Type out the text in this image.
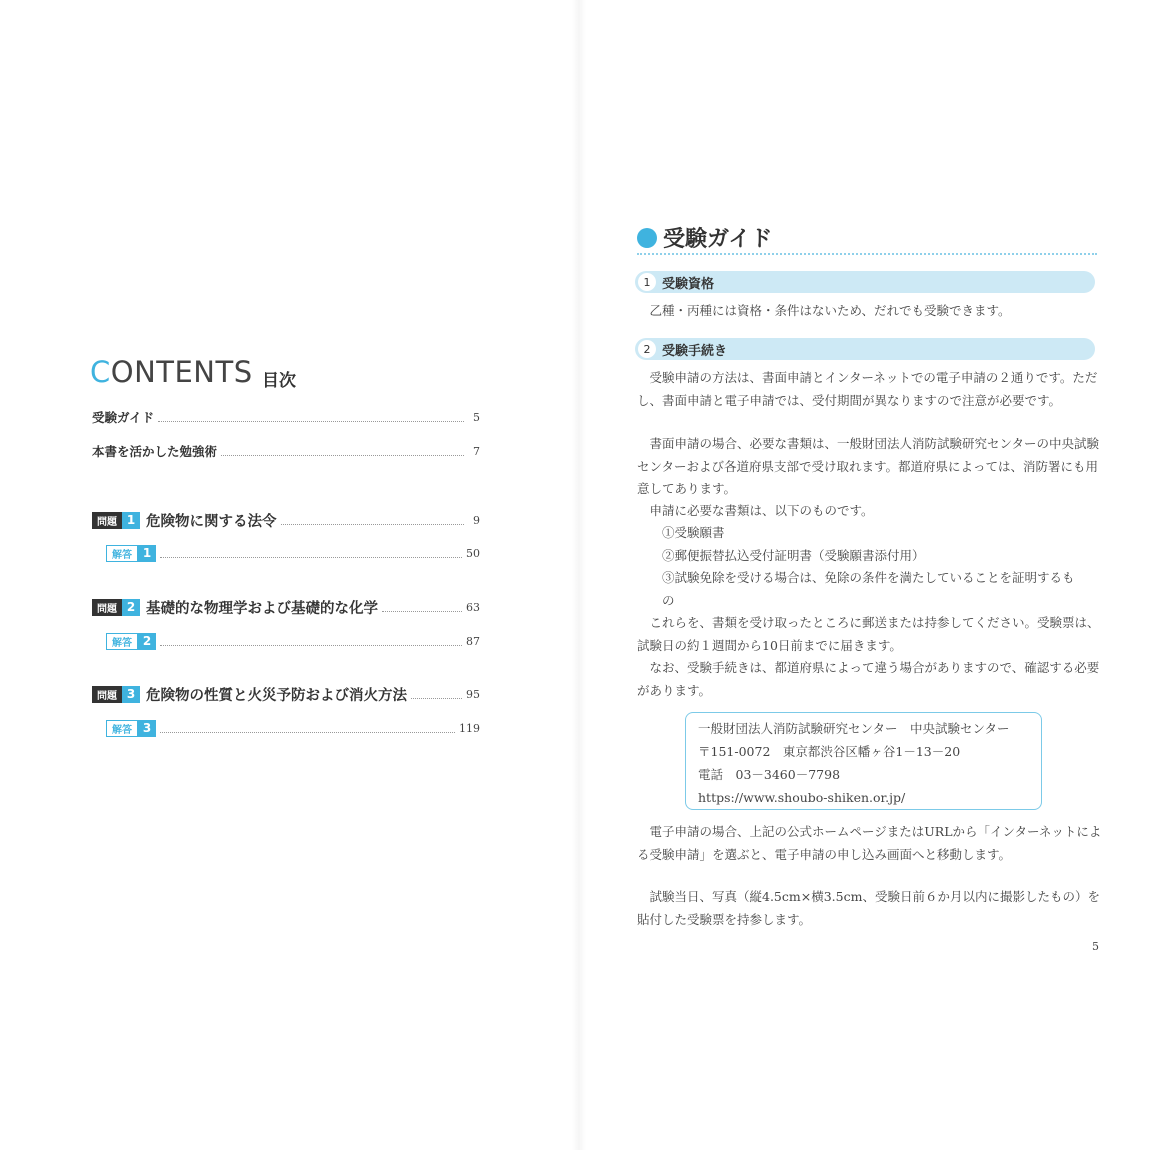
CONTENTS 目次
受験ガイド	5
本書を活かした勉強術	7
問題 1 危険物に関する法令	9
解答 1	50
問題 2 基礎的な物理学および基礎的な化学	63
解答 2	87
問題 3 危険物の性質と火災予防および消火方法	95
解答 3	119
受験ガイド
1 受験資格
乙種・丙種には資格・条件はないため、だれでも受験できます。
2 受験手続き
受験申請の方法は、書面申請とインターネットでの電子申請の２通りです。ただし、書面申請と電子申請では、受付期間が異なりますので注意が必要です。
書面申請の場合、必要な書類は、一般財団法人消防試験研究センターの中央試験センターおよび各道府県支部で受け取れます。都道府県によっては、消防署にも用意してあります。
申請に必要な書類は、以下のものです。
①受験願書
②郵便振替払込受付証明書（受験願書添付用）
③試験免除を受ける場合は、免除の条件を満たしていることを証明するもの
これらを、書類を受け取ったところに郵送または持参してください。受験票は、試験日の約１週間から10日前までに届きます。
なお、受験手続きは、都道府県によって違う場合がありますので、確認する必要があります。
一般財団法人消防試験研究センター　中央試験センター
〒151-0072　東京都渋谷区幡ヶ谷1－13－20
電話　03－3460－7798
https://www.shoubo-shiken.or.jp/
電子申請の場合、上記の公式ホームページまたはURLから「インターネットによる受験申請」を選ぶと、電子申請の申し込み画面へと移動します。
試験当日、写真（縦4.5cm×横3.5cm、受験日前６か月以内に撮影したもの）を貼付した受験票を持参します。
5
